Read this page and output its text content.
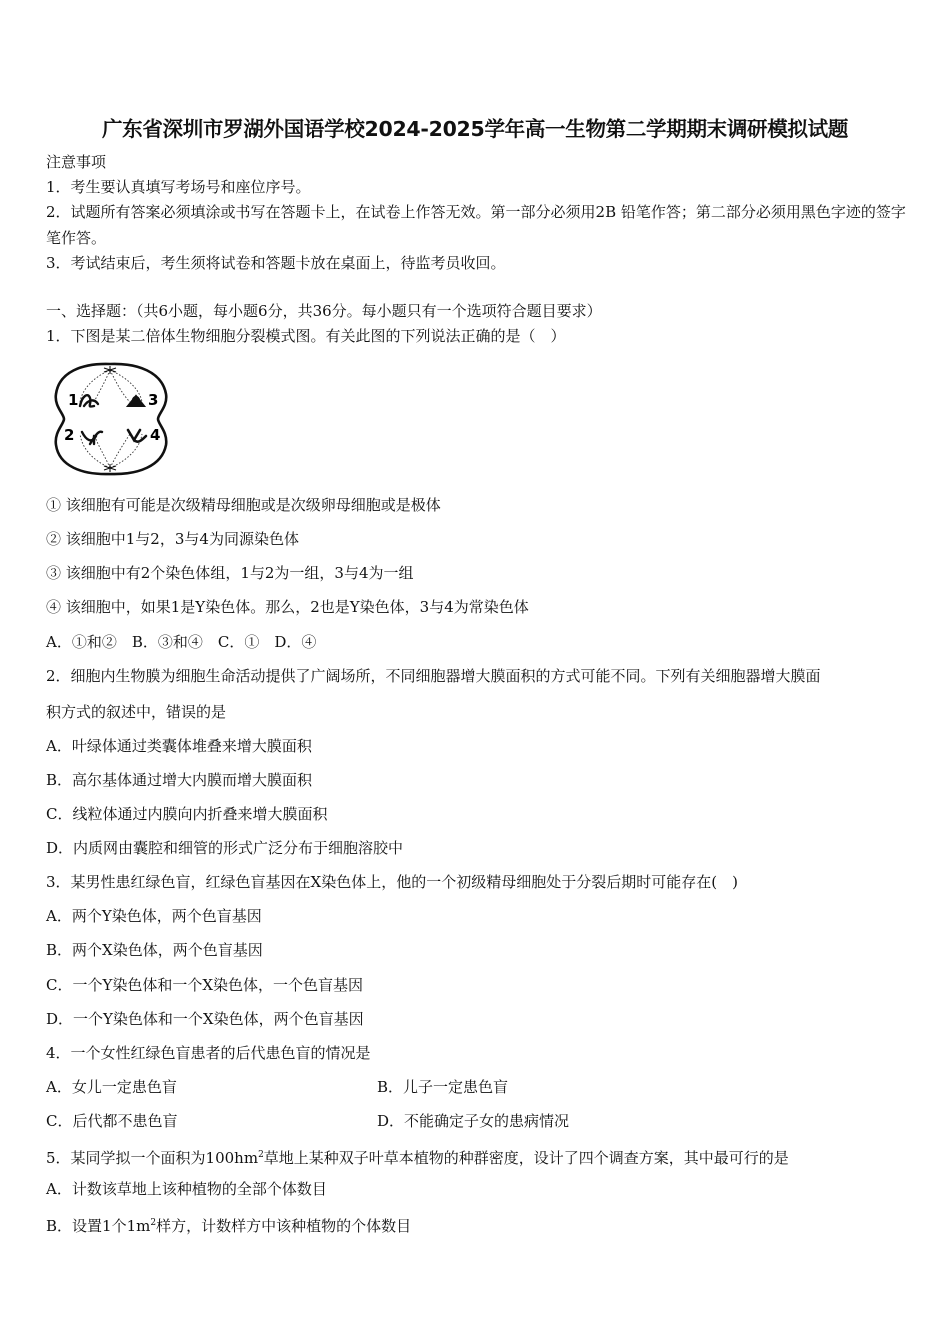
广东省深圳市罗湖外国语学校2024-2025学年高一生物第二学期期末调研模拟试题
注意事项
1．考生要认真填写考场号和座位序号。
2．试题所有答案必须填涂或书写在答题卡上，在试卷上作答无效。第一部分必须用2B 铅笔作答；第二部分必须用黑色字迹的签字笔作答。
3．考试结束后，考生须将试卷和答题卡放在桌面上，待监考员收回。
一、选择题：（共6小题，每小题6分，共36分。每小题只有一个选项符合题目要求）
1．下图是某二倍体生物细胞分裂模式图。有关此图的下列说法正确的是（　）
1
2
3
4
① 该细胞有可能是次级精母细胞或是次级卵母细胞或是极体
② 该细胞中1与2，3与4为同源染色体
③ 该细胞中有2个染色体组，1与2为一组，3与4为一组
④ 该细胞中，如果1是Y染色体。那么，2也是Y染色体，3与4为常染色体
A．①和②　B．③和④　C．①　D．④
2．细胞内生物膜为细胞生命活动提供了广阔场所，不同细胞器增大膜面积的方式可能不同。下列有关细胞器增大膜面
积方式的叙述中，错误的是
A．叶绿体通过类囊体堆叠来增大膜面积
B．高尔基体通过增大内膜而增大膜面积
C．线粒体通过内膜向内折叠来增大膜面积
D．内质网由囊腔和细管的形式广泛分布于细胞溶胶中
3．某男性患红绿色盲，红绿色盲基因在X染色体上，他的一个初级精母细胞处于分裂后期时可能存在(　)
A．两个Y染色体，两个色盲基因
B．两个X染色体，两个色盲基因
C．一个Y染色体和一个X染色体，一个色盲基因
D．一个Y染色体和一个X染色体，两个色盲基因
4．一个女性红绿色盲患者的后代患色盲的情况是
A．女儿一定患色盲	B．儿子一定患色盲
C．后代都不患色盲	D．不能确定子女的患病情况
5．某同学拟一个面积为$100hm^2$草地上某种双子叶草本植物的种群密度，设计了四个调查方案，其中最可行的是
A．计数该草地上该种植物的全部个体数目
B．设置1个$1m^2$样方，计数样方中该种植物的个体数目
